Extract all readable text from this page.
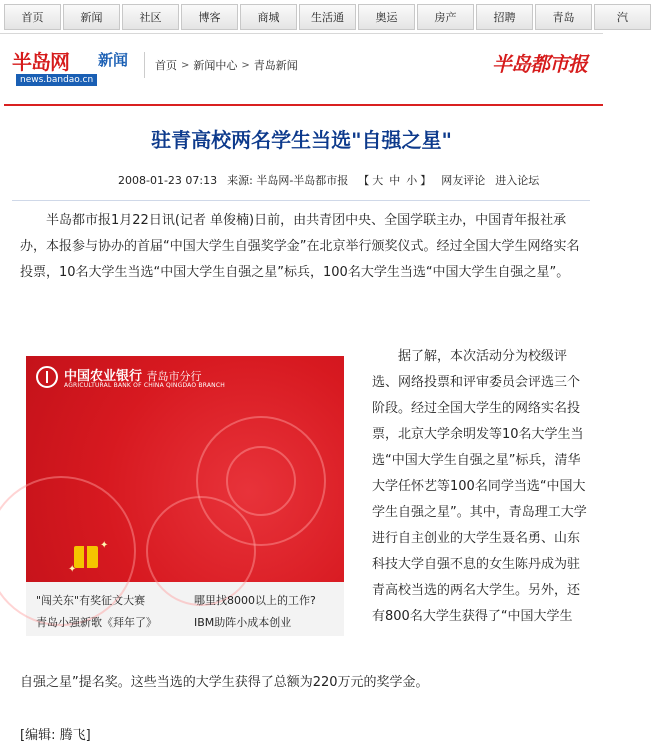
首页	新闻	社区	博客	商城	生活通	奥运	房产	招聘	青岛	汽
半岛网 新闻
news.bandao.cn
首页 > 新闻中心 > 青岛新闻	半岛都市报
驻青高校两名学生当选"自强之星"
2008-01-23 07:13 来源: 半岛网-半岛都市报 【 大 中 小 】 网友评论 进入论坛

半岛都市报1月22日讯(记者 单俊楠)日前，由共青团中央、全国学联主办，中国青年报社承办，本报参与协办的首届“中国大学生自强奖学金”在北京举行颁奖仪式。经过全国大学生网络实名投票，10名大学生当选“中国大学生自强之星”标兵，100名大学生当选“中国大学生自强之星”。

中国农业银行 青岛市分行
AGRICULTURAL BANK OF CHINA QINGDAO BRANCH
✦
✦
"闯关东"有奖征文大赛	哪里找8000以上的工作?
青岛小强新歌《拜年了》	IBM助阵小成本创业

据了解，本次活动分为校级评选、网络投票和评审委员会评选三个阶段。经过全国大学生的网络实名投票，北京大学余明发等10名大学生当选“中国大学生自强之星”标兵，清华大学任怀艺等100名同学当选“中国大学生自强之星”。其中，青岛理工大学进行自主创业的大学生聂名勇、山东科技大学自强不息的女生陈丹成为驻青高校当选的两名大学生。另外，还有800名大学生获得了“中国大学生

自强之星”提名奖。这些当选的大学生获得了总额为220万元的奖学金。

[编辑: 腾飞]
